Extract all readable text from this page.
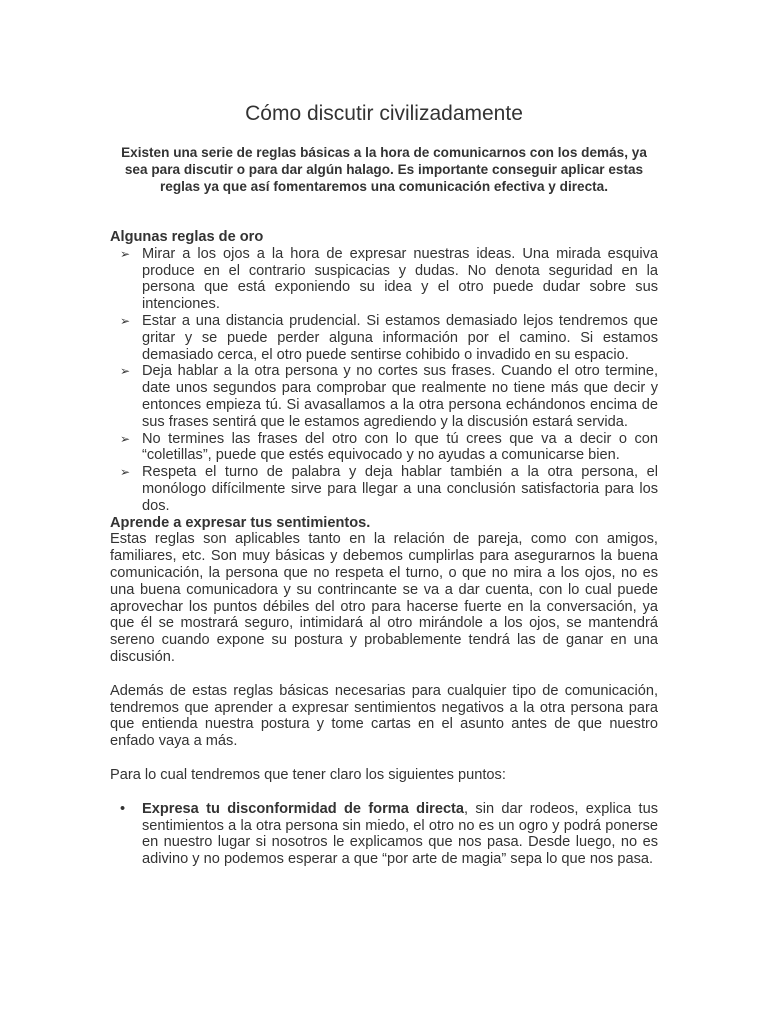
Cómo discutir civilizadamente

Existen una serie de reglas básicas a la hora de comunicarnos con los demás, ya sea para discutir o para dar algún halago. Es importante conseguir aplicar estas reglas ya que así fomentaremos una comunicación efectiva y directa.

Algunas reglas de oro

➢ Mirar a los ojos a la hora de expresar nuestras ideas. Una mirada esquiva produce en el contrario suspicacias y dudas. No denota seguridad en la persona que está exponiendo su idea y el otro puede dudar sobre sus intenciones.
➢ Estar a una distancia prudencial. Si estamos demasiado lejos tendremos que gritar y se puede perder alguna información por el camino. Si estamos demasiado cerca, el otro puede sentirse cohibido o invadido en su espacio.
➢ Deja hablar a la otra persona y no cortes sus frases. Cuando el otro termine, date unos segundos para comprobar que realmente no tiene más que decir y entonces empieza tú. Si avasallamos a la otra persona echándonos encima de sus frases sentirá que le estamos agrediendo y la discusión estará servida.
➢ No termines las frases del otro con lo que tú crees que va a decir o con “coletillas”, puede que estés equivocado y no ayudas a comunicarse bien.
➢ Respeta el turno de palabra y deja hablar también a la otra persona, el monólogo difícilmente sirve para llegar a una conclusión satisfactoria para los dos.

Aprende a expresar tus sentimientos.

Estas reglas son aplicables tanto en la relación de pareja, como con amigos, familiares, etc. Son muy básicas y debemos cumplirlas para asegurarnos la buena comunicación, la persona que no respeta el turno, o que no mira a los ojos, no es una buena comunicadora y su contrincante se va a dar cuenta, con lo cual puede aprovechar los puntos débiles del otro para hacerse fuerte en la conversación, ya que él se mostrará seguro, intimidará al otro mirándole a los ojos, se mantendrá sereno cuando expone su postura y probablemente tendrá las de ganar en una discusión.

Además de estas reglas básicas necesarias para cualquier tipo de comunicación, tendremos que aprender a expresar sentimientos negativos a la otra persona para que entienda nuestra postura y tome cartas en el asunto antes de que nuestro enfado vaya a más.

Para lo cual tendremos que tener claro los siguientes puntos:

• Expresa tu disconformidad de forma directa, sin dar rodeos, explica tus sentimientos a la otra persona sin miedo, el otro no es un ogro y podrá ponerse en nuestro lugar si nosotros le explicamos que nos pasa. Desde luego, no es adivino y no podemos esperar a que “por arte de magia” sepa lo que nos pasa.
